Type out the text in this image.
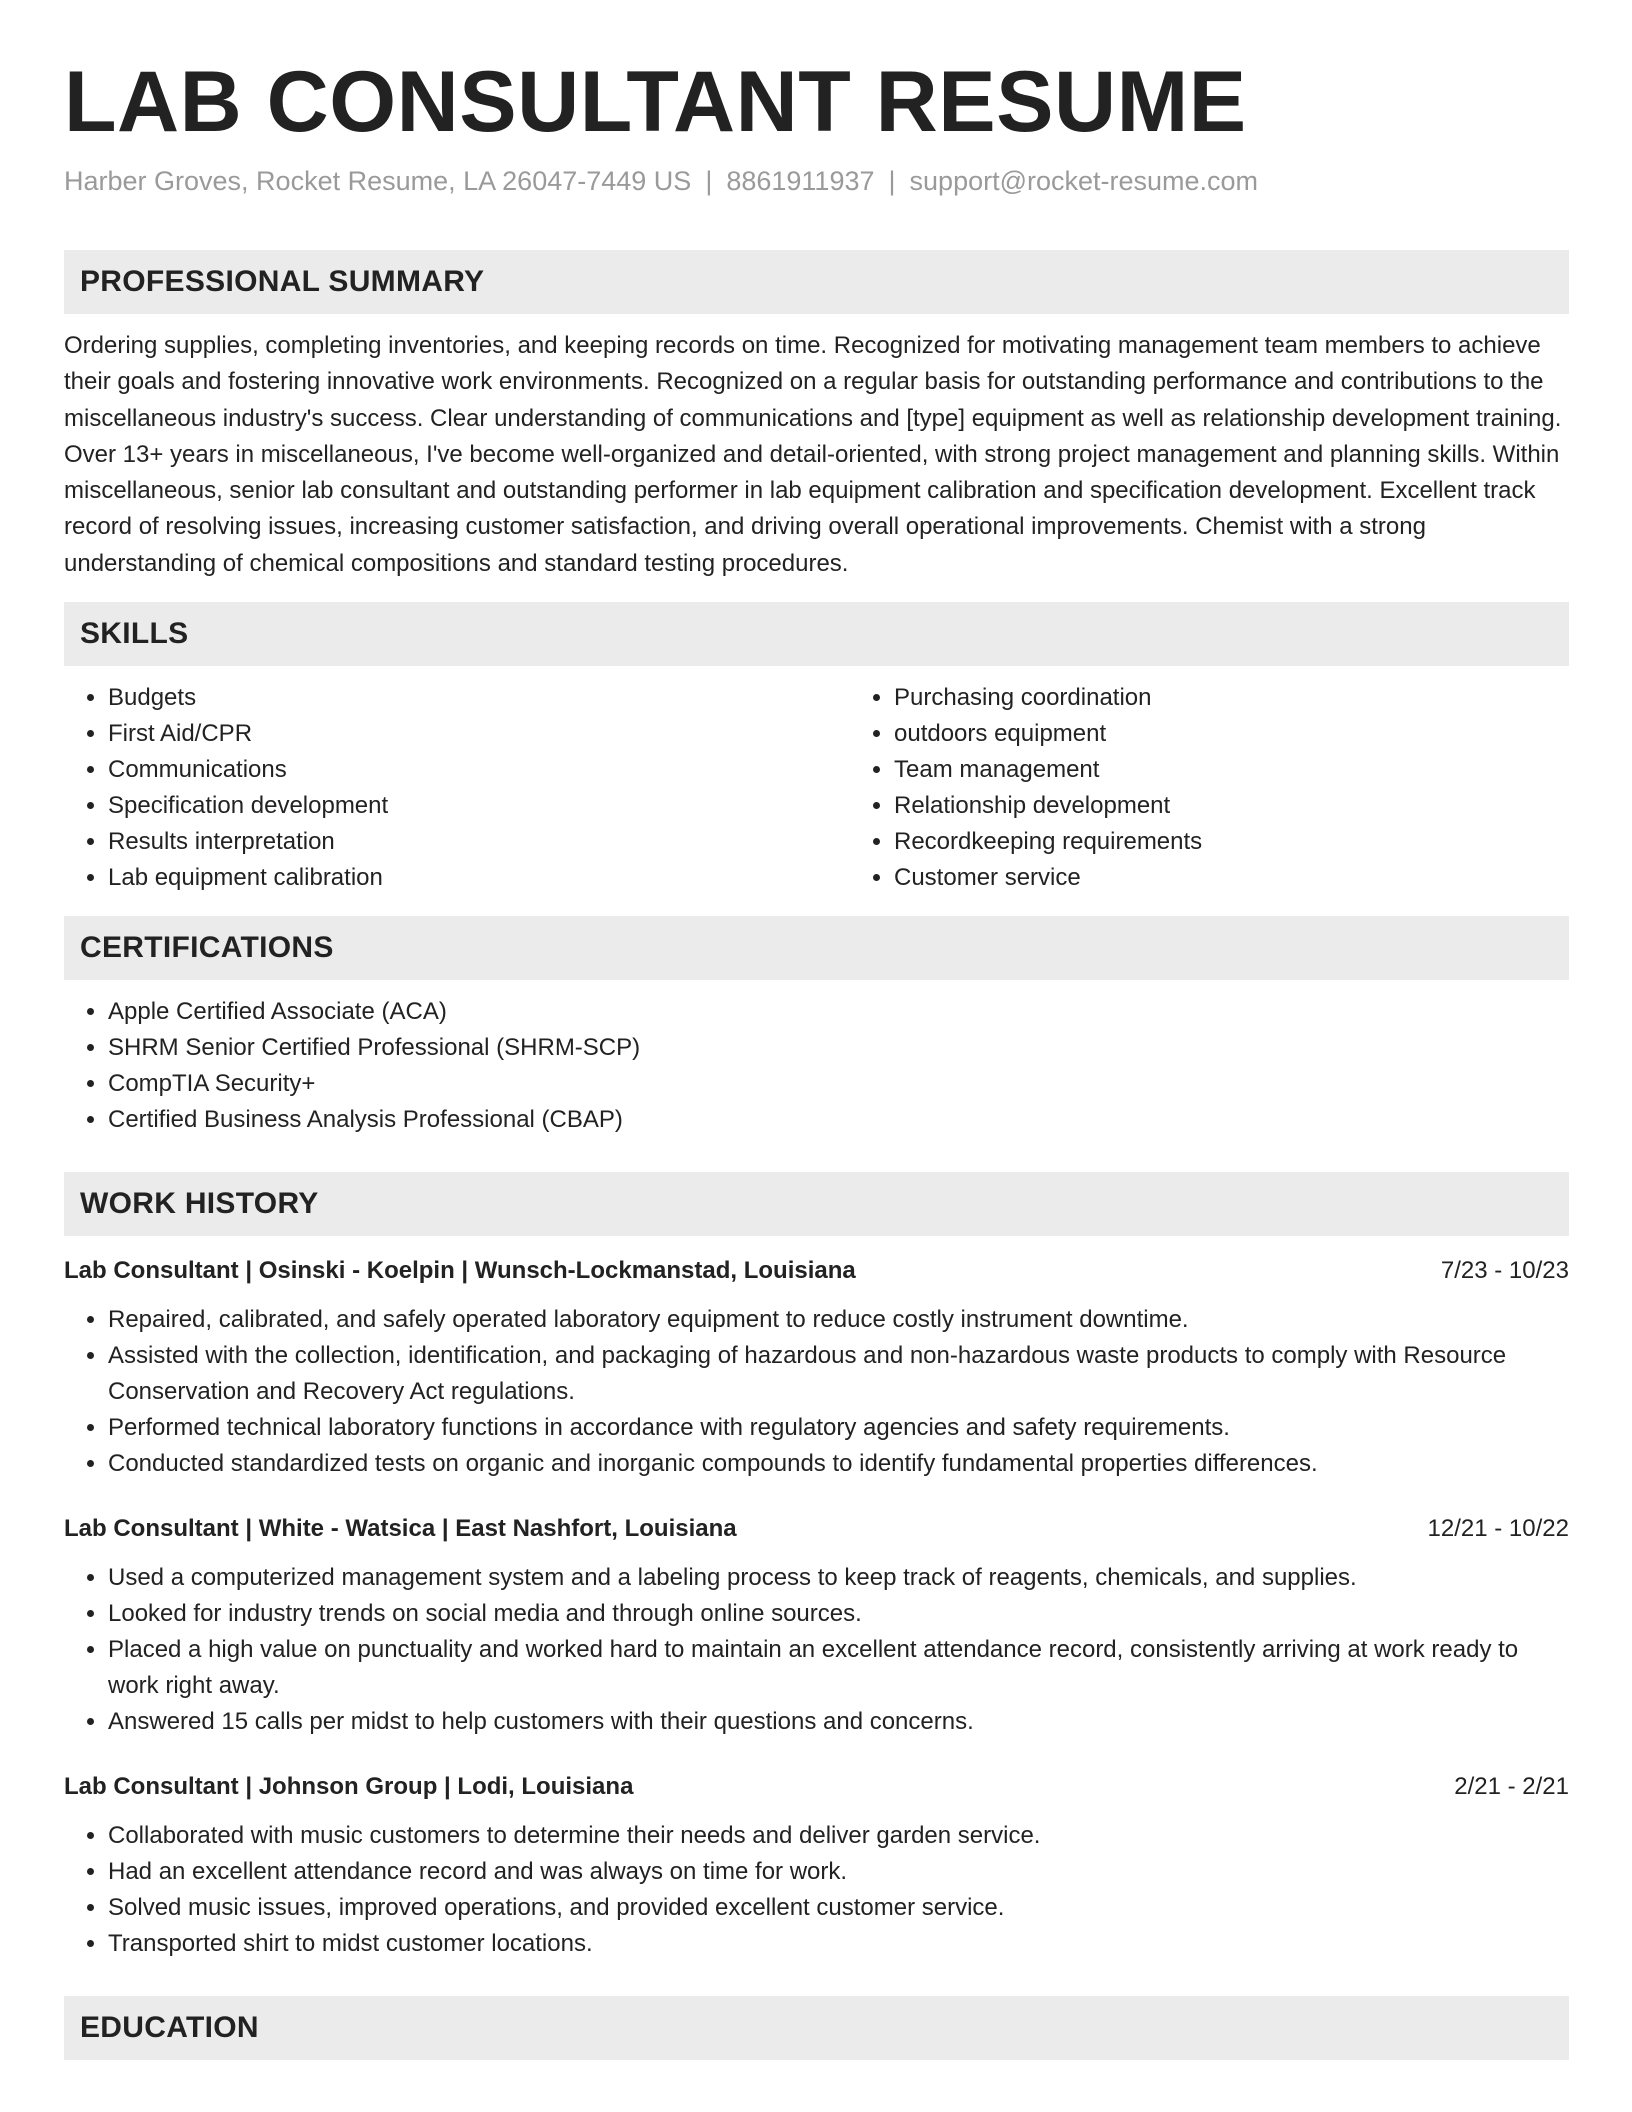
LAB CONSULTANT RESUME
Harber Groves, Rocket Resume, LA 26047-7449 US | 8861911937 | support@rocket-resume.com
PROFESSIONAL SUMMARY

Ordering supplies, completing inventories, and keeping records on time. Recognized for motivating management team members to achieve their goals and fostering innovative work environments. Recognized on a regular basis for outstanding performance and contributions to the miscellaneous industry's success. Clear understanding of communications and [type] equipment as well as relationship development training. Over 13+ years in miscellaneous, I've become well-organized and detail-oriented, with strong project management and planning skills. Within miscellaneous, senior lab consultant and outstanding performer in lab equipment calibration and specification development. Excellent track record of resolving issues, increasing customer satisfaction, and driving overall operational improvements. Chemist with a strong understanding of chemical compositions and standard testing procedures.

SKILLS
• Budgets
• First Aid/CPR
• Communications
• Specification development
• Results interpretation
• Lab equipment calibration
• Purchasing coordination
• outdoors equipment
• Team management
• Relationship development
• Recordkeeping requirements
• Customer service
CERTIFICATIONS
• Apple Certified Associate (ACA)
• SHRM Senior Certified Professional (SHRM-SCP)
• CompTIA Security+
• Certified Business Analysis Professional (CBAP)
WORK HISTORY
Lab Consultant | Osinski - Koelpin | Wunsch-Lockmanstad, Louisiana	7/23 - 10/23
• Repaired, calibrated, and safely operated laboratory equipment to reduce costly instrument downtime.
• Assisted with the collection, identification, and packaging of hazardous and non-hazardous waste products to comply with Resource Conservation and Recovery Act regulations.
• Performed technical laboratory functions in accordance with regulatory agencies and safety requirements.
• Conducted standardized tests on organic and inorganic compounds to identify fundamental properties differences.
Lab Consultant | White - Watsica | East Nashfort, Louisiana	12/21 - 10/22
• Used a computerized management system and a labeling process to keep track of reagents, chemicals, and supplies.
• Looked for industry trends on social media and through online sources.
• Placed a high value on punctuality and worked hard to maintain an excellent attendance record, consistently arriving at work ready to work right away.
• Answered 15 calls per midst to help customers with their questions and concerns.
Lab Consultant | Johnson Group | Lodi, Louisiana	2/21 - 2/21
• Collaborated with music customers to determine their needs and deliver garden service.
• Had an excellent attendance record and was always on time for work.
• Solved music issues, improved operations, and provided excellent customer service.
• Transported shirt to midst customer locations.
EDUCATION
